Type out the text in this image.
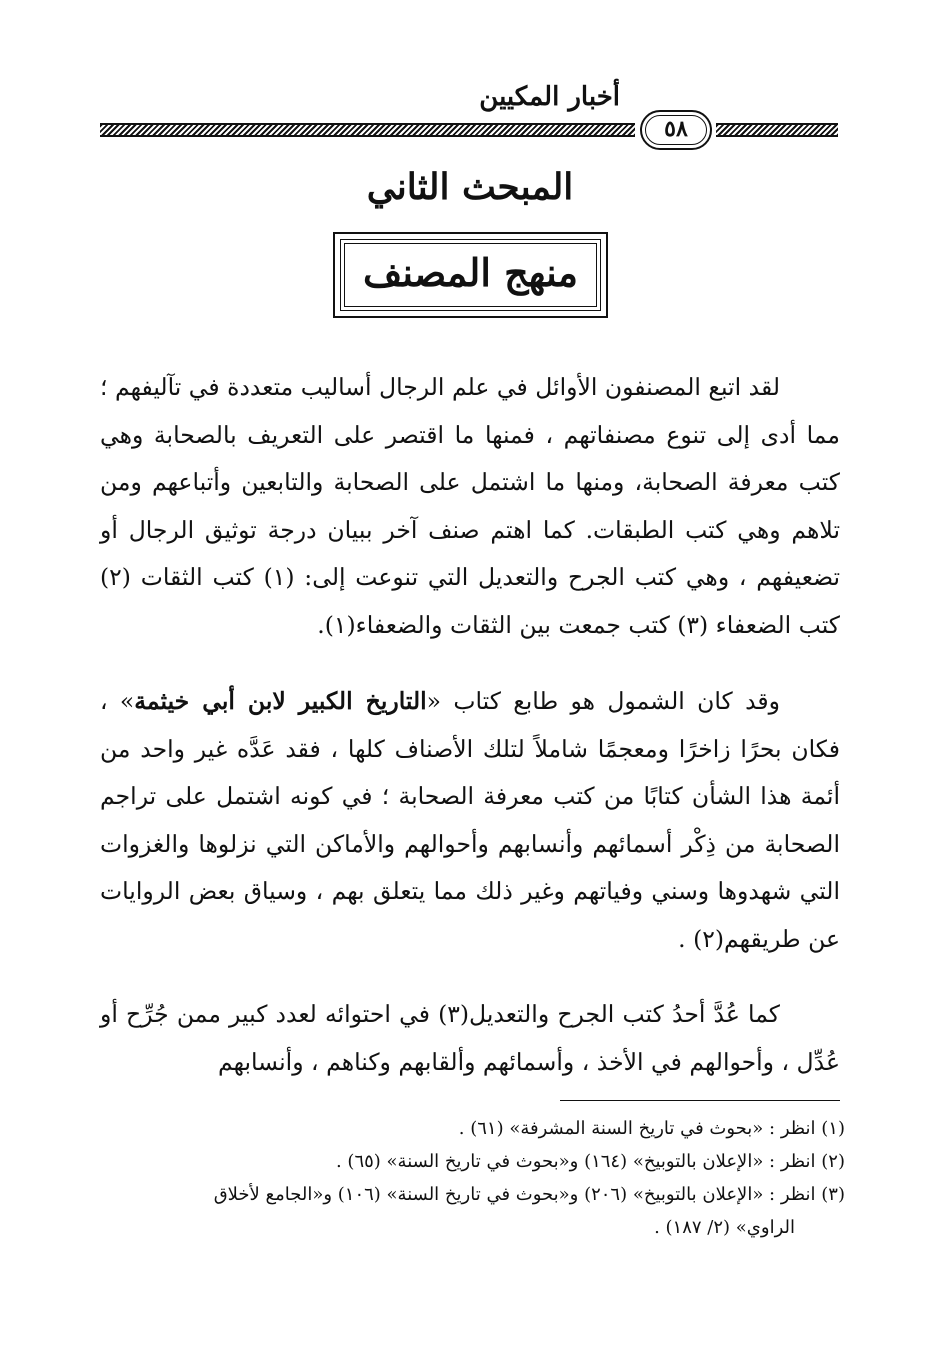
أخبار المكيين
٥٨
المبحث الثاني
منهج المصنف
لقد اتبع المصنفون الأوائل في علم الرجال أساليب متعددة في تآليفهم ؛ مما أدى إلى تنوع مصنفاتهم ، فمنها ما اقتصر على التعريف بالصحابة وهي كتب معرفة الصحابة، ومنها ما اشتمل على الصحابة والتابعين وأتباعهم ومن تلاهم وهي كتب الطبقات. كما اهتم صنف آخر ببيان درجة توثيق الرجال أو تضعيفهم ، وهي كتب الجرح والتعديل التي تنوعت إلى: (١) كتب الثقات (٢) كتب الضعفاء (٣) كتب جمعت بين الثقات والضعفاء(١).
وقد كان الشمول هو طابع كتاب «التاريخ الكبير لابن أبي خيثمة» ، فكان بحرًا زاخرًا ومعجمًا شاملاً لتلك الأصناف كلها ، فقد عَدَّه غير واحد من أئمة هذا الشأن كتابًا من كتب معرفة الصحابة ؛ في كونه اشتمل على تراجم الصحابة من ذِكْر أسمائهم وأنسابهم وأحوالهم والأماكن التي نزلوها والغزوات التي شهدوها وسني وفياتهم وغير ذلك مما يتعلق بهم ، وسياق بعض الروايات عن طريقهم(٢) .
كما عُدَّ أحدُ كتب الجرح والتعديل(٣) في احتوائه لعدد كبير ممن جُرِّح أو عُدِّل ، وأحوالهم في الأخذ ، وأسمائهم وألقابهم وكناهم ، وأنسابهم

(١) انظر : «بحوث في تاريخ السنة المشرفة» (٦١) .

(٢) انظر : «الإعلان بالتوبيخ» (١٦٤) و«بحوث في تاريخ السنة» (٦٥) .

(٣) انظر : «الإعلان بالتوبيخ» (٢٠٦) و«بحوث في تاريخ السنة» (١٠٦) و«الجامع لأخلاق

الراوي» (٢/ ١٨٧) .
